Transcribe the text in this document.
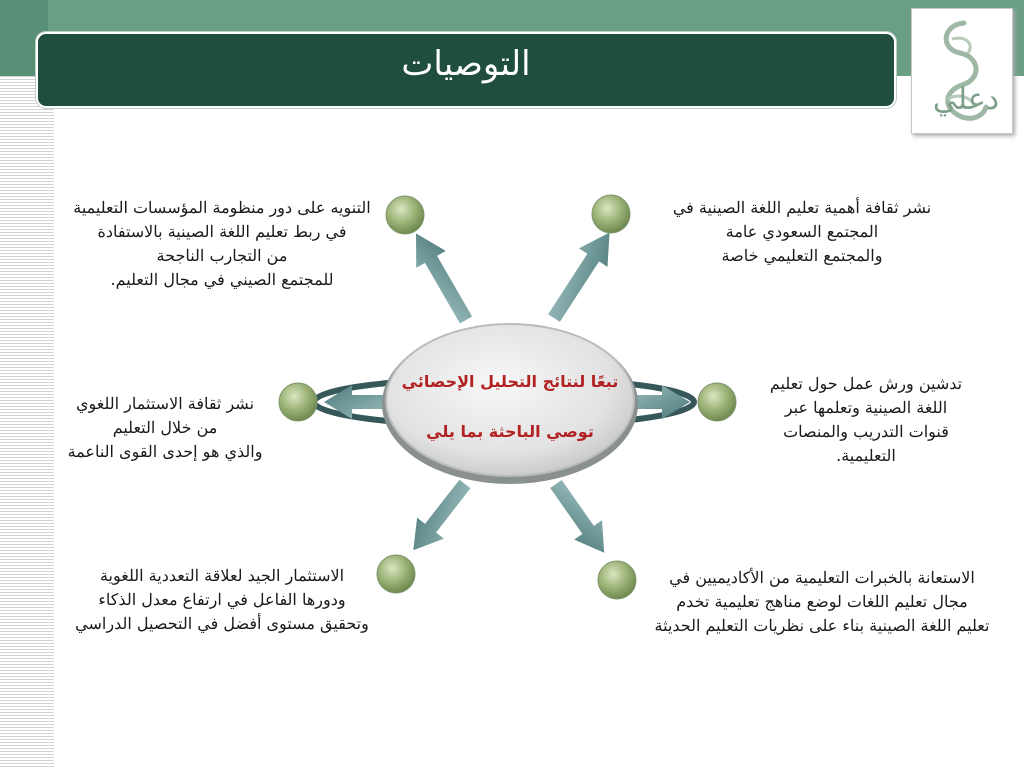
التوصيات
دعلي
تبعًا لنتائج التحليل الإحصائي
توصي الباحثة بما يلي
نشر ثقافة أهمية تعليم اللغة الصينية في
المجتمع السعودي عامة
والمجتمع التعليمي خاصة
التنويه على دور منظومة المؤسسات التعليمية
في ربط تعليم اللغة الصينية بالاستفادة
من التجارب الناجحة
للمجتمع الصيني في مجال التعليم.
تدشين ورش عمل حول تعليم
اللغة الصينية وتعلمها عبر
قنوات التدريب والمنصات
التعليمية.
نشر ثقافة الاستثمار اللغوي
من خلال التعليم
والذي هو إحدى القوى الناعمة
الاستعانة بالخبرات التعليمية من الأكاديميين في
مجال تعليم اللغات لوضع مناهج تعليمية تخدم
تعليم اللغة الصينية بناء على نظريات التعليم الحديثة
الاستثمار الجيد لعلاقة التعددية اللغوية
ودورها الفاعل في ارتفاع معدل الذكاء
وتحقيق مستوى أفضل في التحصيل الدراسي
